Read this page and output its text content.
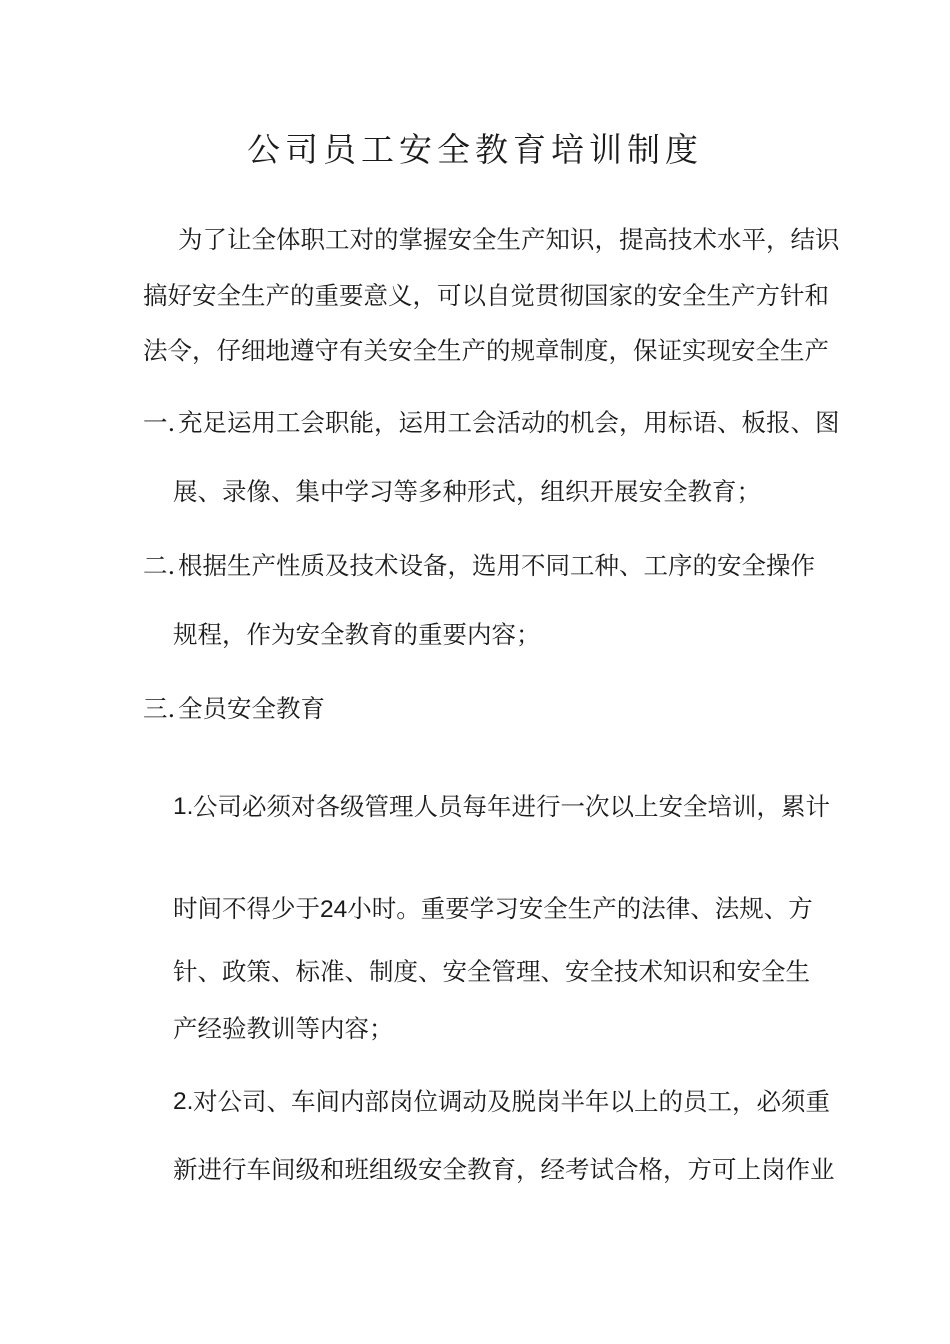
公司员工安全教育培训制度

为了让全体职工对的掌握安全生产知识，提高技术水平，结识

搞好安全生产的重要意义，可以自觉贯彻国家的安全生产方针和

法令，仔细地遵守有关安全生产的规章制度，保证实现安全生产

一. 充足运用工会职能，运用工会活动的机会，用标语、板报、图

展、录像、集中学习等多种形式，组织开展安全教育；

二. 根据生产性质及技术设备，选用不同工种、工序的安全操作

规程，作为安全教育的重要内容；

三. 全员安全教育

1. 公司必须对各级管理人员每年进行一次以上安全培训，累计

时间不得少于24小时。重要学习安全生产的法律、法规、方

针、政策、标准、制度、安全管理、安全技术知识和安全生

产经验教训等内容；

2. 对公司、车间内部岗位调动及脱岗半年以上的员工，必须重

新进行车间级和班组级安全教育，经考试合格，方可上岗作业
